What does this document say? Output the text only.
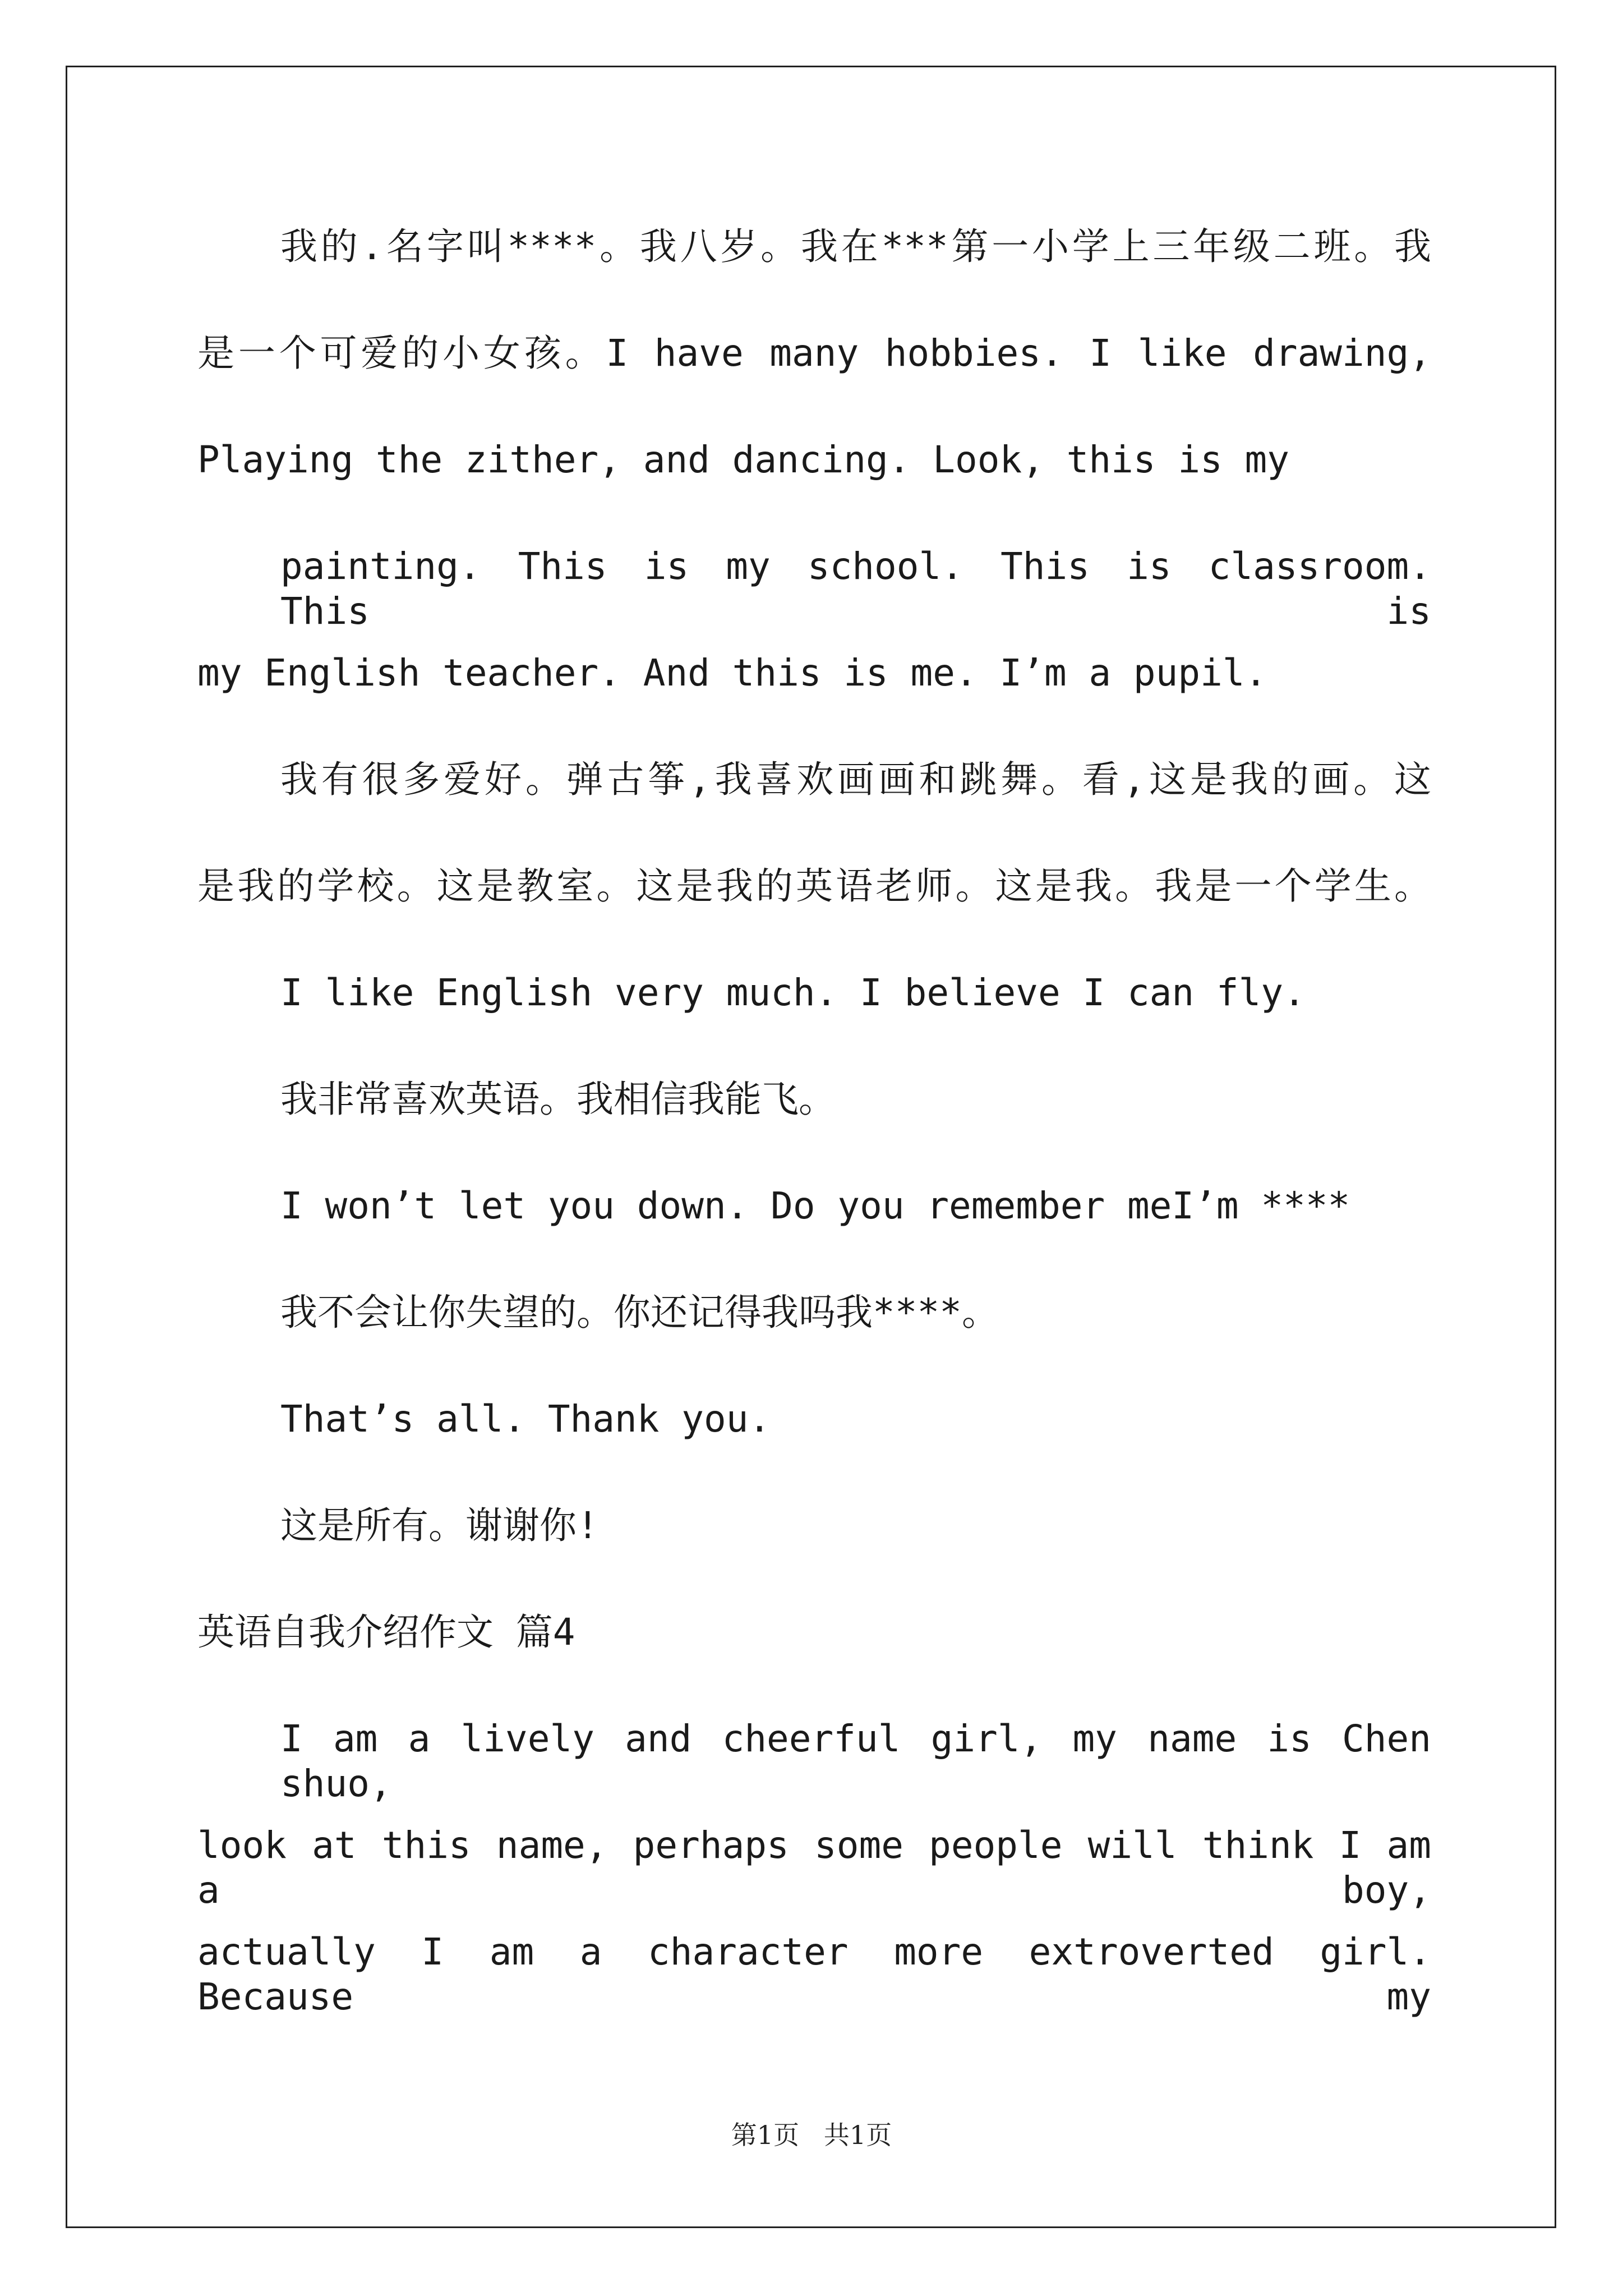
我的.名字叫****。我八岁。我在***第一小学上三年级二班。我
是一个可爱的小女孩。I have many hobbies. I like drawing,
Playing the zither, and dancing. Look, this is my
painting. This is my school. This is classroom. This is
my English teacher. And this is me. I’m a pupil.
我有很多爱好。弹古筝,我喜欢画画和跳舞。看,这是我的画。这
是我的学校。这是教室。这是我的英语老师。这是我。我是一个学生。
I like English very much. I believe I can fly.
我非常喜欢英语。我相信我能飞。
I won’t let you down. Do you remember meI’m ****
我不会让你失望的。你还记得我吗我****。
That’s all. Thank you.
这是所有。谢谢你!
英语自我介绍作文 篇4
I am a lively and cheerful girl, my name is Chen shuo,
look at this name, perhaps some people will think I am a boy,
actually I am a character more extroverted girl. Because my
第1页   共1页
